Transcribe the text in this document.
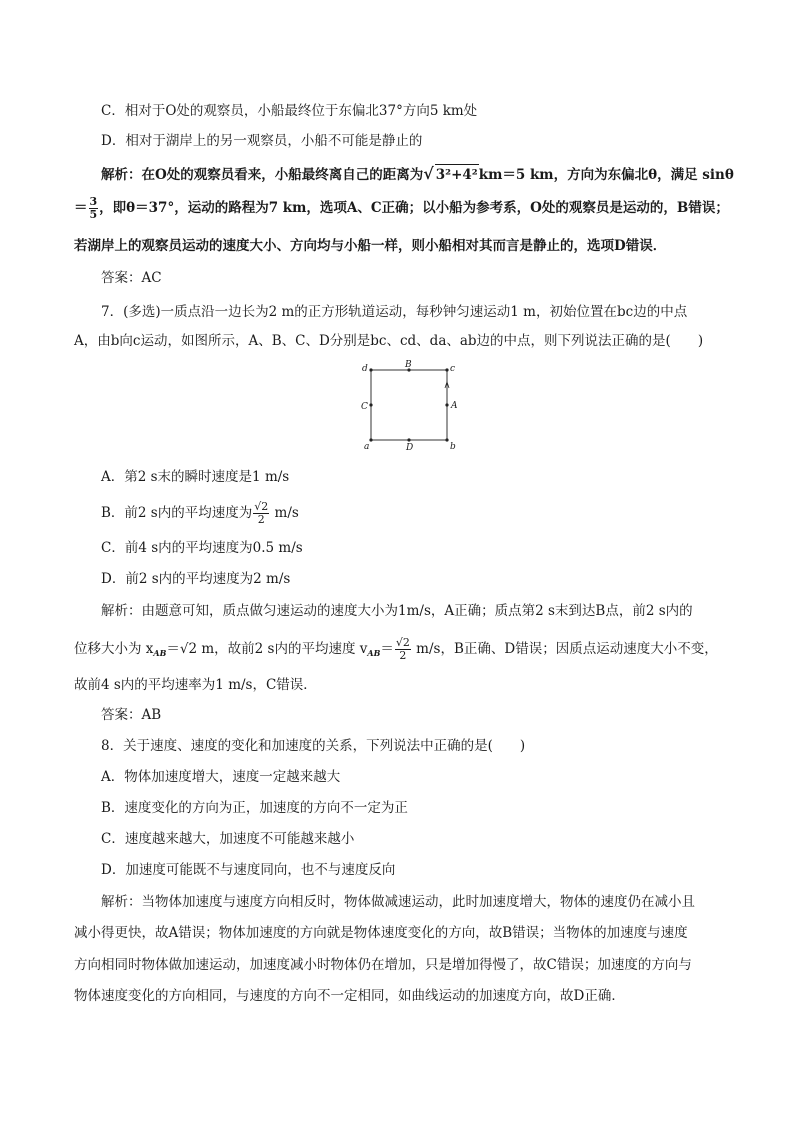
C．相对于O处的观察员，小船最终位于东偏北37°方向5 km处
D．相对于湖岸上的另一观察员，小船不可能是静止的
解析：在O处的观察员看来，小船最终离自己的距离为√ 3²+4²km＝5 km，方向为东偏北θ，满足 sinθ
＝ $\frac{3}{5}$ ，即θ＝37°，运动的路程为7 km，选项A、C正确；以小船为参考系，O处的观察员是运动的，B错误；
若湖岸上的观察员运动的速度大小、方向均与小船一样，则小船相对其而言是静止的，选项D错误．
答案：AC
7．(多选)一质点沿一边长为2 m的正方形轨道运动，每秒钟匀速运动1 m，初始位置在bc边的中点
A，由b向c运动，如图所示，A、B、C、D分别是bc、cd、da、ab边的中点，则下列说法正确的是(　　)
d	c
a	b
B
A
C
D
A．第2 s末的瞬时速度是1 m/s
B．前2 s内的平均速度为 $\frac{√2}{2} m/s$
C．前4 s内的平均速度为0.5 m/s
D．前2 s内的平均速度为2 m/s
解析：由题意可知，质点做匀速运动的速度大小为1m/s，A正确；质点第2 s末到达B点，前2 s内的
位移大小为 $x_{AB}=√2$ m，故前2 s内的平均速度 $v_{AB}= \frac{√2}{2} m/s$，B正确、D错误；因质点运动速度大小不变，
故前4 s内的平均速率为1 m/s，C错误．
答案：AB
8．关于速度、速度的变化和加速度的关系，下列说法中正确的是(　　)
A．物体加速度增大，速度一定越来越大
B．速度变化的方向为正，加速度的方向不一定为正
C．速度越来越大，加速度不可能越来越小
D．加速度可能既不与速度同向，也不与速度反向
解析：当物体加速度与速度方向相反时，物体做减速运动，此时加速度增大，物体的速度仍在减小且
减小得更快，故A错误；物体加速度的方向就是物体速度变化的方向，故B错误；当物体的加速度与速度
方向相同时物体做加速运动，加速度减小时物体仍在增加，只是增加得慢了，故C错误；加速度的方向与
物体速度变化的方向相同，与速度的方向不一定相同，如曲线运动的加速度方向，故D正确．
